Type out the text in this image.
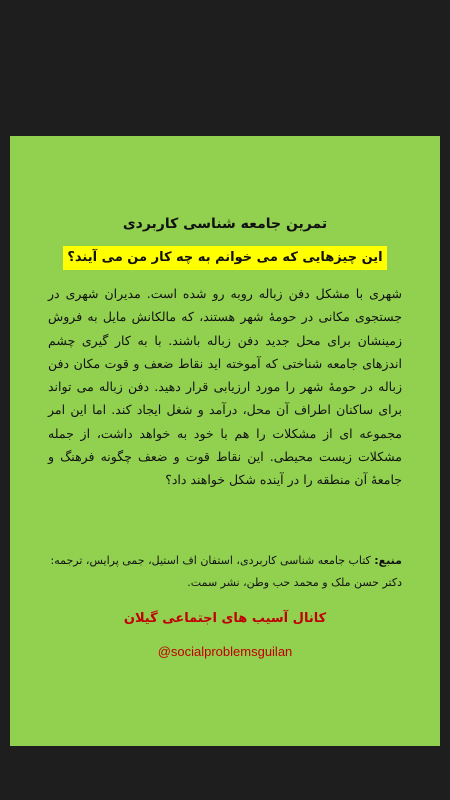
تمرین جامعه شناسی کاربردی
این چیزهایی که می خوانم به چه کار من می آیند؟
شهری با مشکل دفن زباله روبه رو شده است. مدیران شهری در جستجوی مکانی در حومهٔ شهر هستند، که مالکانش مایل به فروش زمینشان برای محل جدید دفن زباله باشند. با به کار گیری چشم اندزهای جامعه شناختی که آموخته اید نقاط ضعف و قوت مکان دفن زباله در حومهٔ شهر را مورد ارزیابی قرار دهید. دفن زباله می تواند برای ساکنان اطراف آن محل، درآمد و شغل ایجاد کند. اما این امر مجموعه ای از مشکلات را هم با خود به خواهد داشت، از جمله مشکلات زیست محیطی. این نقاط قوت و ضعف چگونه فرهنگ و جامعهٔ آن منطقه را در آینده شکل خواهند داد؟
منبع: کتاب جامعه شناسی کاربردی، استفان اف استیل، جمی پرایس، ترجمه: دکتر حسن ملک و محمد حب وطن، نشر سمت.
کانال آسیب های اجتماعی گیلان
@socialproblemsguilan
